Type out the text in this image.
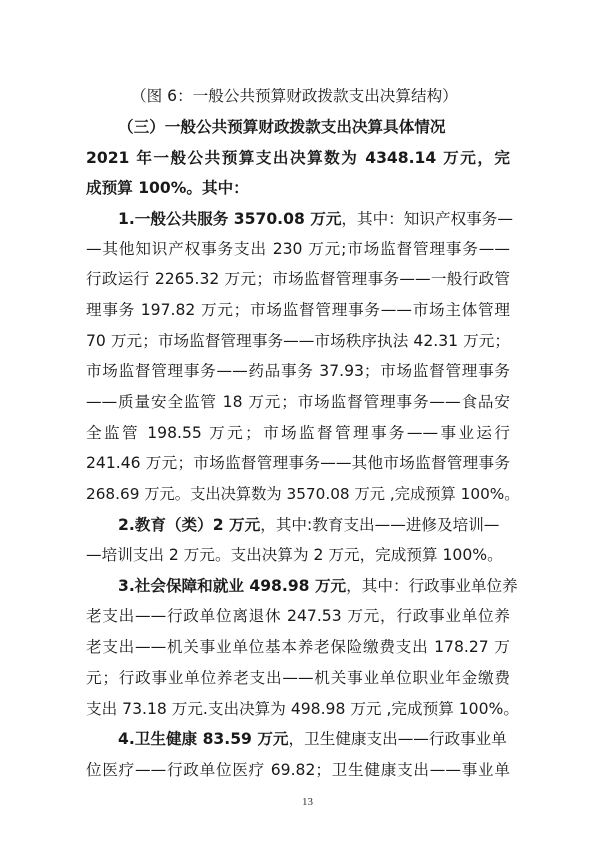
（图 6：一般公共预算财政拨款支出决算结构）

（三）一般公共预算财政拨款支出决算具体情况

2021 年一般公共预算支出决算数为 4348.14 万元，完

成预算 100%。其中：

1.一般公共服务 3570.08 万元，其中：知识产权事务—

—其他知识产权事务支出 230 万元;市场监督管理事务——

行政运行 2265.32 万元；市场监督管理事务——一般行政管

理事务 197.82 万元；市场监督管理事务——市场主体管理

70 万元；市场监督管理事务——市场秩序执法 42.31 万元；

市场监督管理事务——药品事务 37.93；市场监督管理事务

——质量安全监管 18 万元；市场监督管理事务——食品安

全监管 198.55 万元；市场监督管理事务——事业运行

241.46 万元；市场监督管理事务——其他市场监督管理事务

268.69 万元。支出决算数为 3570.08 万元 ,完成预算 100%。

2.教育（类）2 万元，其中:教育支出——进修及培训—

—培训支出 2 万元。支出决算为 2 万元，完成预算 100%。

3.社会保障和就业 498.98 万元，其中：行政事业单位养

老支出——行政单位离退休 247.53 万元，行政事业单位养

老支出——机关事业单位基本养老保险缴费支出 178.27 万

元；行政事业单位养老支出——机关事业单位职业年金缴费

支出 73.18 万元.支出决算为 498.98 万元 ,完成预算 100%。

4.卫生健康 83.59 万元，卫生健康支出——行政事业单

位医疗——行政单位医疗 69.82；卫生健康支出——事业单

13
